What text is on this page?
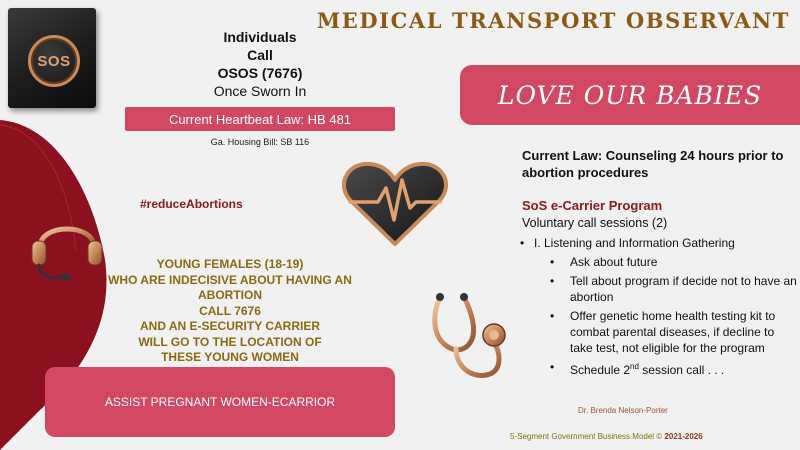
SOS
MEDICAL TRANSPORT OBSERVANT
Individuals
Call
OSOS (7676)
Once Sworn In
Current Heartbeat Law: HB 481
Ga. Housing Bill: SB 116
LOVE OUR BABIES
#reduceAbortions
YOUNG FEMALES (18-19)
WHO ARE INDECISIVE ABOUT HAVING AN
ABORTION
CALL 7676
AND AN E-SECURITY CARRIER
WILL GO TO THE LOCATION OF
THESE YOUNG WOMEN
ASSIST PREGNANT WOMEN-ECARRIOR
Current Law: Counseling 24 hours prior to abortion procedures
SoS e-Carrier Program
Voluntary call sessions (2)
• I. Listening and Information Gathering
•	Ask about future
•	Tell about program if decide not to have an abortion
•	Offer genetic home health testing kit to combat parental diseases, if decline to take test, not eligible for the program
•	Schedule 2nd session call . . .
Dr. Brenda Nelson-Porter
5-Segment Government Business Model © 2021-2026
